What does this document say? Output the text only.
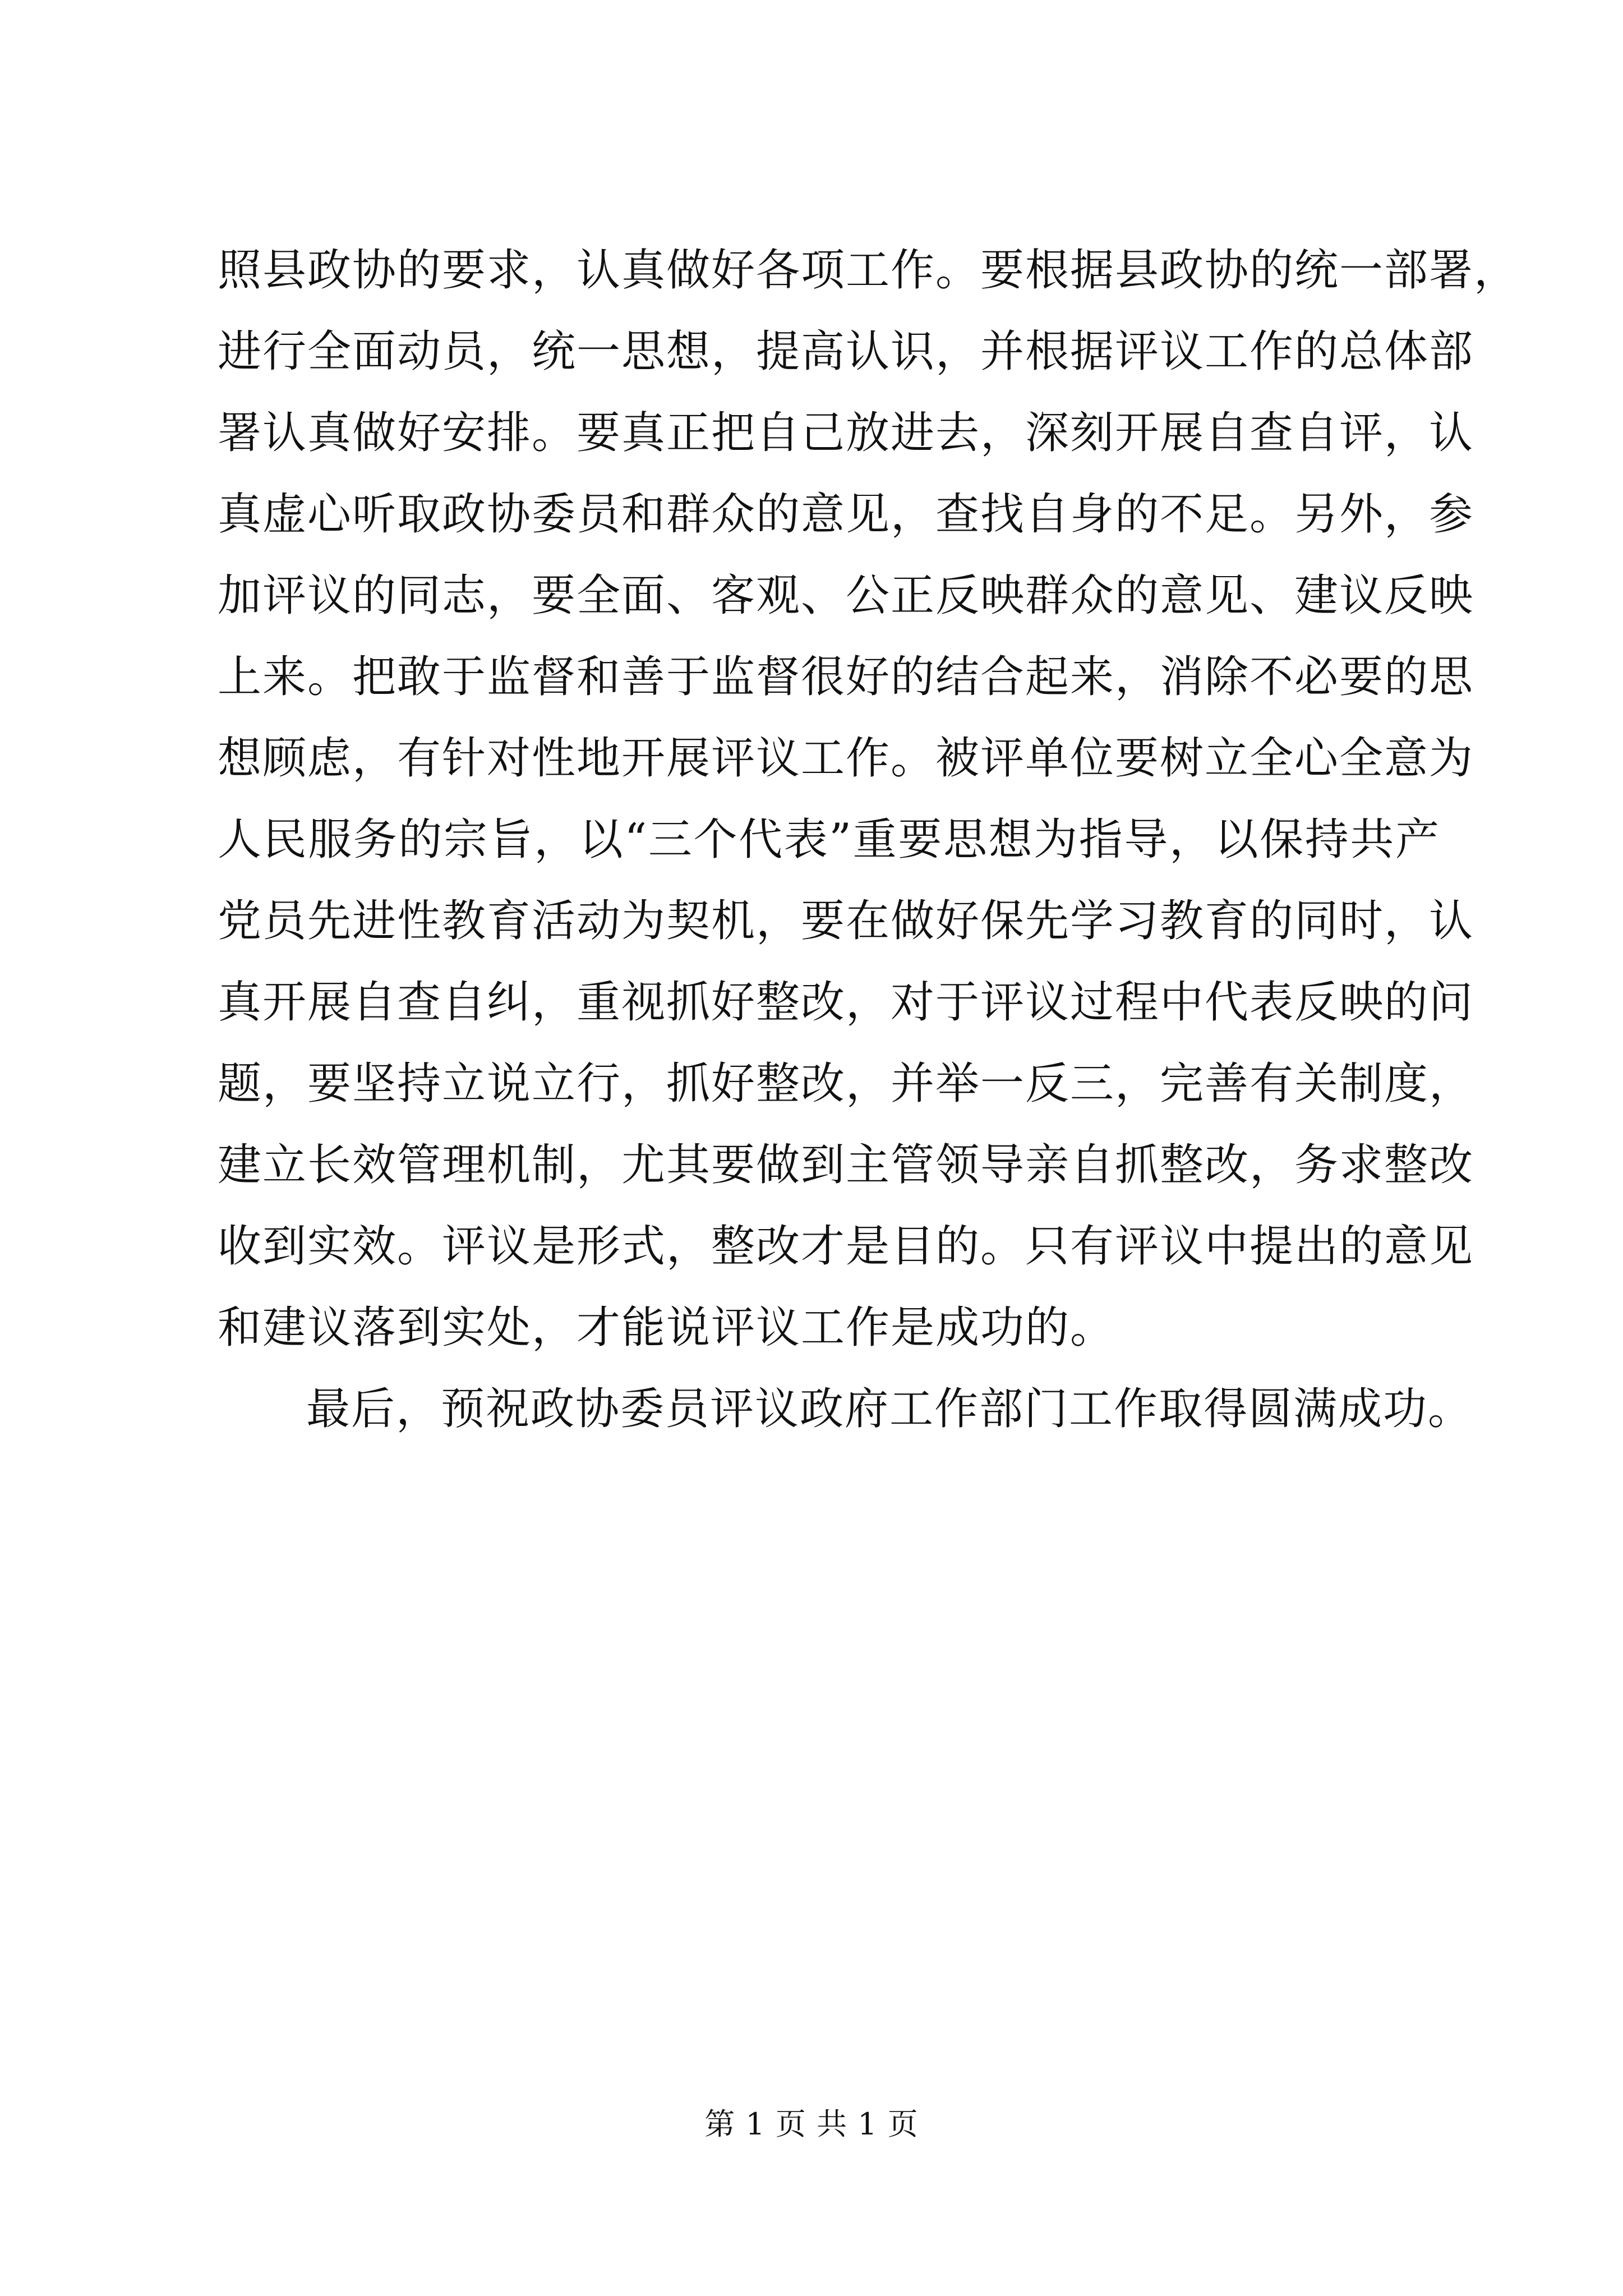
照县政协的要求，认真做好各项工作。要根据县政协的统一部署，
进行全面动员，统一思想，提高认识，并根据评议工作的总体部
署认真做好安排。要真正把自己放进去，深刻开展自查自评，认
真虚心听取政协委员和群众的意见，查找自身的不足。另外，参
加评议的同志，要全面、客观、公正反映群众的意见、建议反映
上来。把敢于监督和善于监督很好的结合起来，消除不必要的思
想顾虑，有针对性地开展评议工作。被评单位要树立全心全意为
人民服务的宗旨，以“三个代表”重要思想为指导，以保持共产
党员先进性教育活动为契机，要在做好保先学习教育的同时，认
真开展自查自纠，重视抓好整改，对于评议过程中代表反映的问
题，要坚持立说立行，抓好整改，并举一反三，完善有关制度，
建立长效管理机制，尤其要做到主管领导亲自抓整改，务求整改
收到实效。评议是形式，整改才是目的。只有评议中提出的意见
和建议落到实处，才能说评议工作是成功的。
最后，预祝政协委员评议政府工作部门工作取得圆满成功。
第 1 页 共 1 页
